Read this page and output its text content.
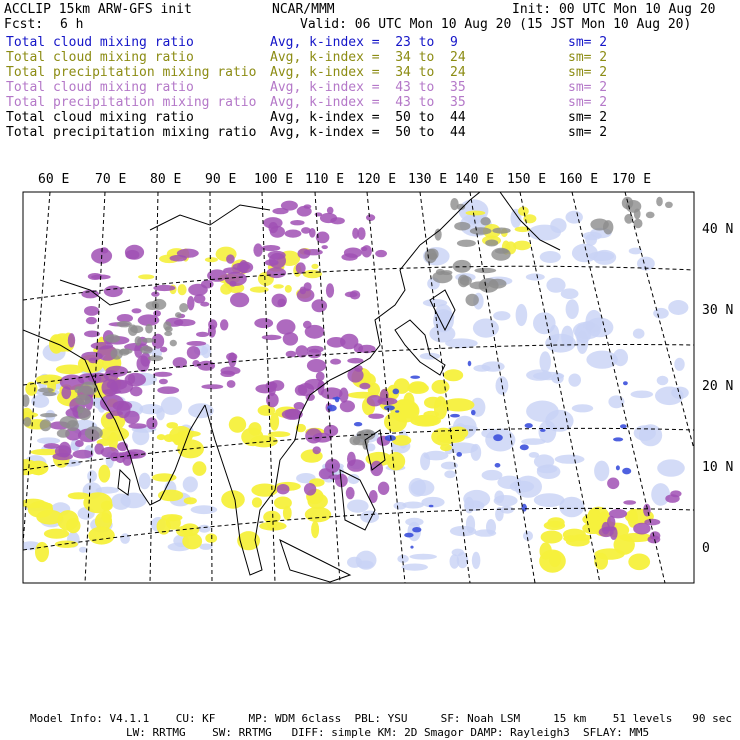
ACCLIP 15km ARW-GFS init	NCAR/MMM	Init: 00 UTC Mon 10 Aug 20
Fcst: 6 h	Valid: 06 UTC Mon 10 Aug 20 (15 JST Mon 10 Aug 20)
Total cloud mixing ratio	Avg, k-index =  23 to  9	sm= 2
Total cloud mixing ratio	Avg, k-index =  34 to  24	sm= 2
Total precipitation mixing ratio Avg, k-index =  34 to  24	sm= 2
Total cloud mixing ratio	Avg, k-index =  43 to  35	sm= 2
Total precipitation mixing ratio Avg, k-index =  43 to  35	sm= 2
Total cloud mixing ratio	Avg, k-index =  50 to  44	sm= 2
Total precipitation mixing ratio Avg, k-index =  50 to  44	sm= 2
60 E 70 E 80 E 90 E 100 E 110 E 120 E 130 E 140 E 150 E 160 E 170 E
40 N
30 N
20 N
10 N
0
Model Info: V4.1.1    CU: KF     MP: WDM 6class  PBL: YSU     SF: Noah LSM     15 km    51 levels   90 sec
LW: RRTMG    SW: RRTMG   DIFF: simple KM: 2D Smagor DAMP: Rayleigh3  SFLAY: MM5
